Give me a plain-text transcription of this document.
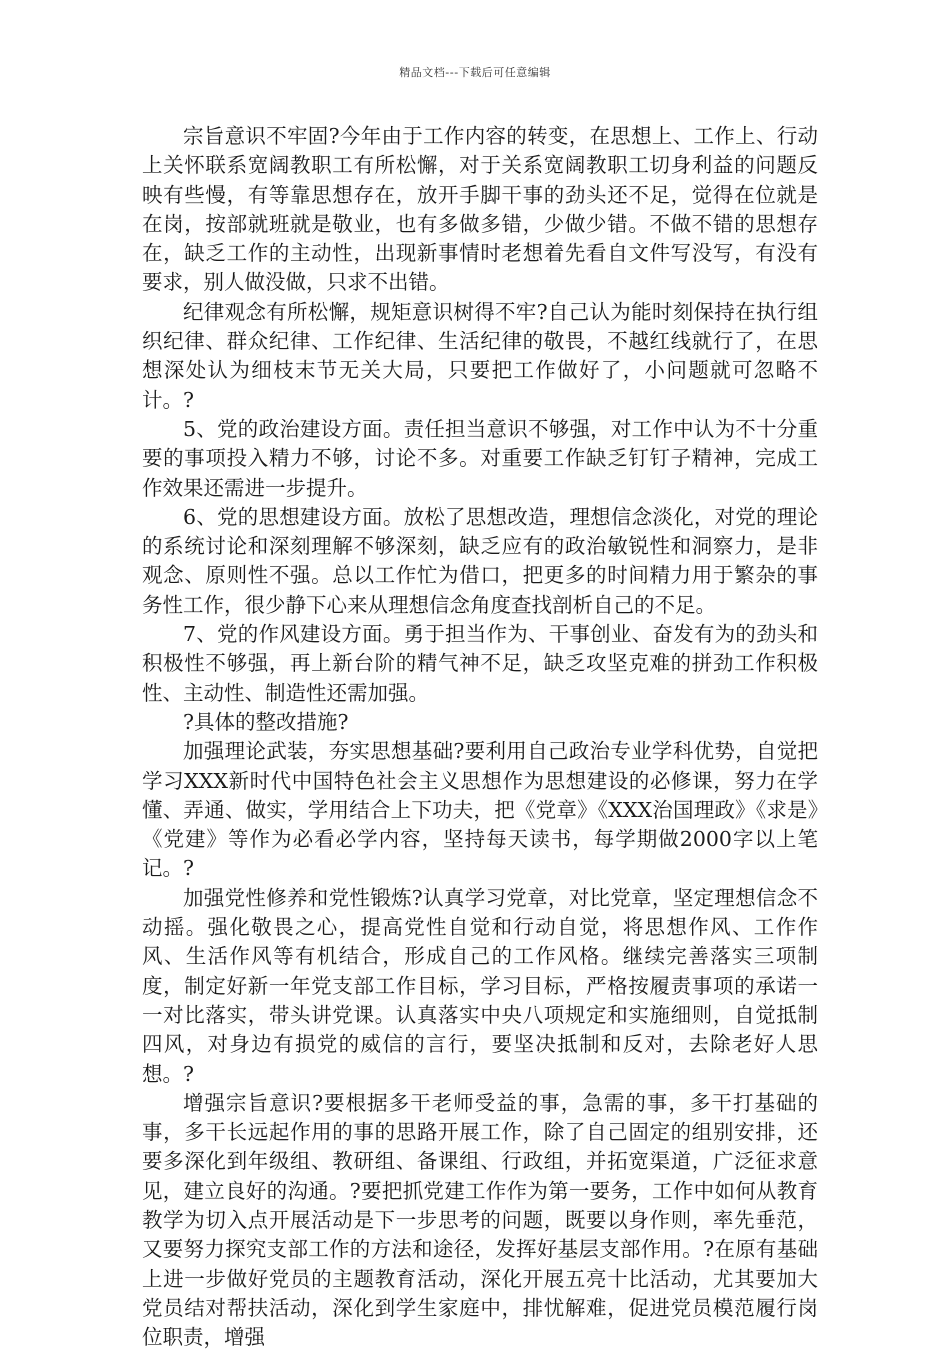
精品文档---下载后可任意编辑

宗旨意识不牢固?今年由于工作内容的转变，在思想上、工作上、行动上关怀联系宽阔教职工有所松懈，对于关系宽阔教职工切身利益的问题反映有些慢，有等靠思想存在，放开手脚干事的劲头还不足，觉得在位就是在岗，按部就班就是敬业，也有多做多错，少做少错。不做不错的思想存在，缺乏工作的主动性，出现新事情时老想着先看自文件写没写，有没有要求，别人做没做，只求不出错。

纪律观念有所松懈，规矩意识树得不牢?自己认为能时刻保持在执行组织纪律、群众纪律、工作纪律、生活纪律的敬畏，不越红线就行了，在思想深处认为细枝末节无关大局，只要把工作做好了，小问题就可忽略不计。?

5、党的政治建设方面。责任担当意识不够强，对工作中认为不十分重要的事项投入精力不够，讨论不多。对重要工作缺乏钉钉子精神，完成工作效果还需进一步提升。

6、党的思想建设方面。放松了思想改造，理想信念淡化，对党的理论的系统讨论和深刻理解不够深刻，缺乏应有的政治敏锐性和洞察力，是非观念、原则性不强。总以工作忙为借口，把更多的时间精力用于繁杂的事务性工作，很少静下心来从理想信念角度查找剖析自己的不足。

7、党的作风建设方面。勇于担当作为、干事创业、奋发有为的劲头和积极性不够强，再上新台阶的精气神不足，缺乏攻坚克难的拼劲工作积极性、主动性、制造性还需加强。

?具体的整改措施?

加强理论武装，夯实思想基础?要利用自己政治专业学科优势，自觉把学习XXX新时代中国特色社会主义思想作为思想建设的必修课，努力在学懂、弄通、做实，学用结合上下功夫，把《党章》《XXX治国理政》《求是》《党建》等作为必看必学内容，坚持每天读书，每学期做2000字以上笔记。?

加强党性修养和党性锻炼?认真学习党章，对比党章，坚定理想信念不动摇。强化敬畏之心，提高党性自觉和行动自觉，将思想作风、工作作风、生活作风等有机结合，形成自己的工作风格。继续完善落实三项制度，制定好新一年党支部工作目标，学习目标，严格按履责事项的承诺一一对比落实，带头讲党课。认真落实中央八项规定和实施细则，自觉抵制四风，对身边有损党的威信的言行，要坚决抵制和反对，去除老好人思想。?

增强宗旨意识?要根据多干老师受益的事，急需的事，多干打基础的事，多干长远起作用的事的思路开展工作，除了自己固定的组别安排，还要多深化到年级组、教研组、备课组、行政组，并拓宽渠道，广泛征求意见，建立良好的沟通。?要把抓党建工作作为第一要务，工作中如何从教育教学为切入点开展活动是下一步思考的问题，既要以身作则，率先垂范，又要努力探究支部工作的方法和途径，发挥好基层支部作用。?在原有基础上进一步做好党员的主题教育活动，深化开展五亮十比活动，尤其要加大党员结对帮扶活动，深化到学生家庭中，排忧解难，促进党员模范履行岗位职责，增强
